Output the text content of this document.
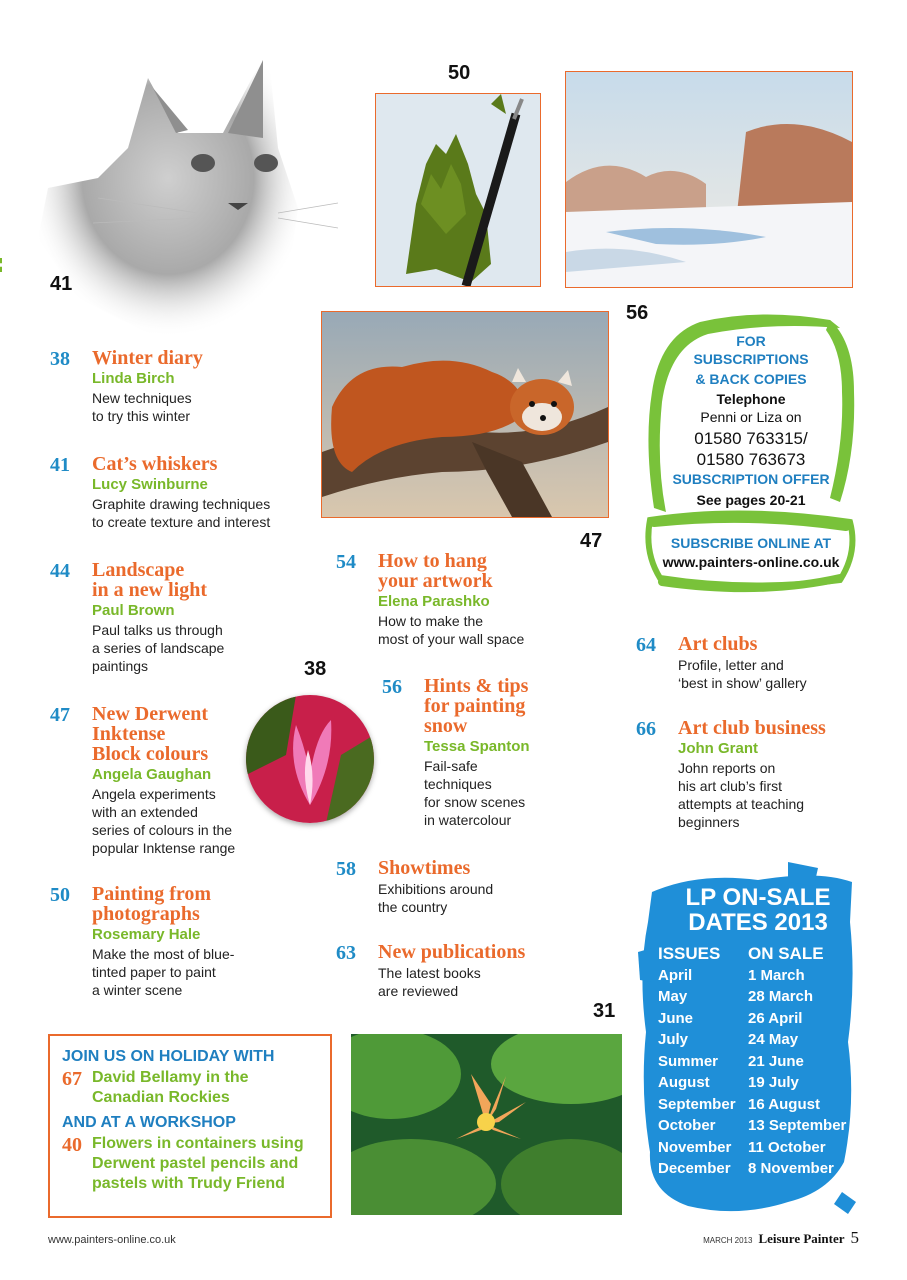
41
50
56
47
FOR
SUBSCRIPTIONS
& BACK COPIES
Telephone
Penni or Liza on
01580 763315/
01580 763673
SUBSCRIPTION OFFER
See pages 20-21
SUBSCRIBE ONLINE AT
www.painters-online.co.uk
38 Winter diary
Linda Birch
New techniques
to try this winter
41 Cat’s whiskers
Lucy Swinburne
Graphite drawing techniques
to create texture and interest
44 Landscape
in a new light
Paul Brown
Paul talks us through
a series of landscape
paintings
47 New Derwent
Inktense
Block colours
Angela Gaughan
Angela experiments
with an extended
series of colours in the
popular Inktense range
50 Painting from
photographs
Rosemary Hale
Make the most of blue-
tinted paper to paint
a winter scene
38
54 How to hang
your artwork
Elena Parashko
How to make the
most of your wall space
56 Hints & tips
for painting
snow
Tessa Spanton
Fail-safe
techniques
for snow scenes
in watercolour
58 Showtimes
Exhibitions around
the country
63 New publications
The latest books
are reviewed
64 Art clubs
Profile, letter and
‘best in show’ gallery
66 Art club business
John Grant
John reports on
his art club’s first
attempts at teaching
beginners
LP ON-SALE
DATES 2013
ISSUES	ON SALE
April	1 March
May	28 March
June	26 April
July	24 May
Summer	21 June
August	19 July
September 16 August
October	13 September
November	11 October
December	8 November
JOIN US ON HOLIDAY WITH
67 David Bellamy in the
Canadian Rockies
AND AT A WORKSHOP
40 Flowers in containers using
Derwent pastel pencils and
pastels with Trudy Friend
31
www.painters-online.co.uk	MARCH 2013 Leisure Painter 5
